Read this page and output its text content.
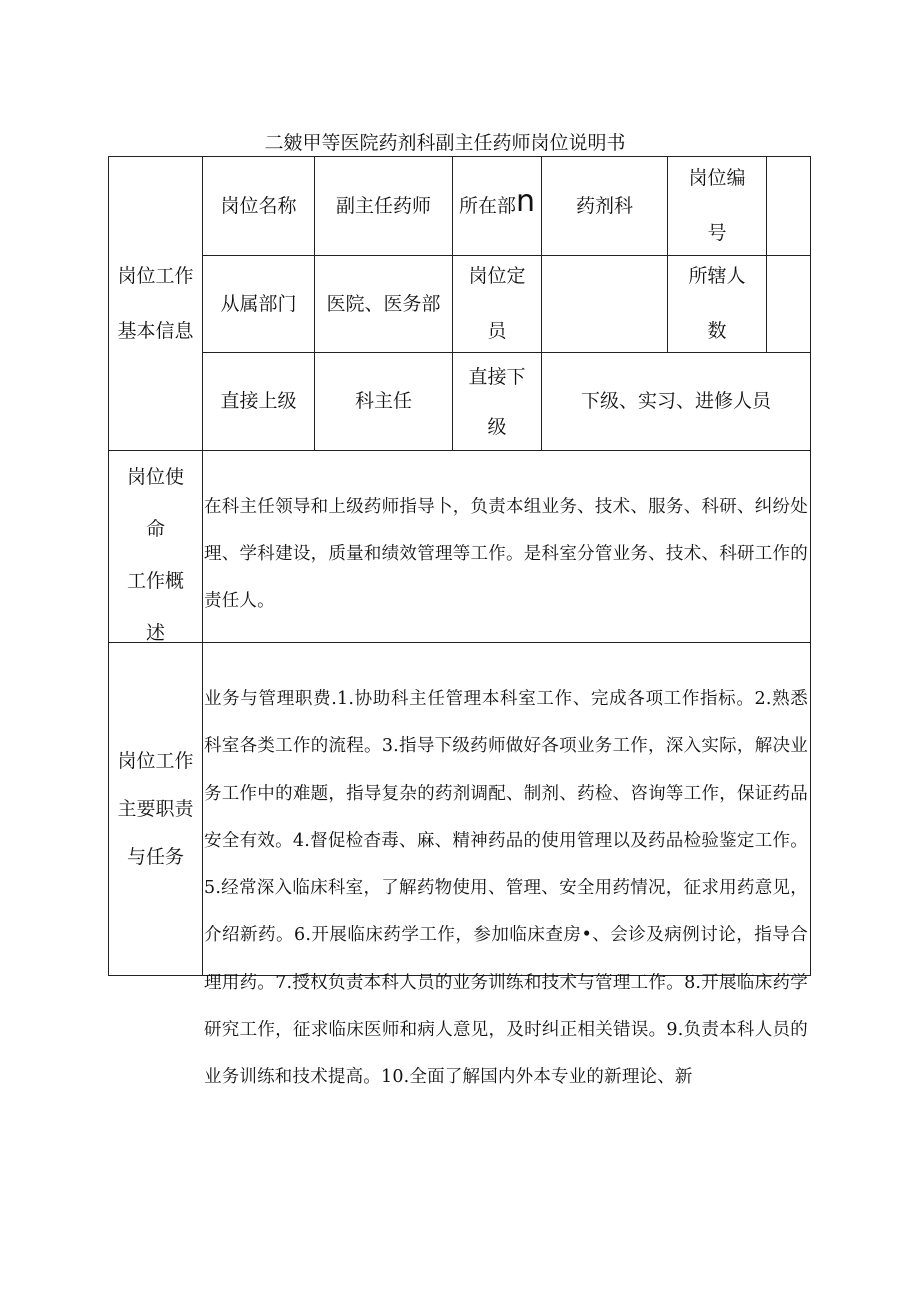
二皴甲等医院药剂科副主任药师岗位说明书
岗位工作
基本信息
岗位名称 副主任药师 所在部 n 药剂科
岗位编
号
从属部门 医院、医务部
岗位定
员
所辖人
数
直接上级	科主任
直接下
级
下级、实习、进修人员
岗位使
命
工作概
述
在科主任领导和上级药师指导卜，负责本组业务、技术、服务、科研、纠纷处理、学科建设，质量和绩效管理等工作。是科室分管业务、技术、科研工作的责任人。
岗位工作
主要职责
与任务
业务与管理职费.1.协助科主任管理本科室工作、完成各项工作指标。2.熟悉科室各类工作的流程。3.指导下级药师做好各项业务工作，深入实际，解决业务工作中的难题，指导复杂的药剂调配、制剂、药检、咨询等工作，保证药品安全有效。4.督促检杳毒、麻、精神药品的使用管理以及药品检验鉴定工作。5.经常深入临床科室，了解药物使用、管理、安全用药情况，征求用药意见，介绍新药。6.开展临床药学工作，参加临床查房•、会诊及病例讨论，指导合理用药。7.授权负责本科人员的业务训练和技术与管理工作。8.开展临床药学研究工作，征求临床医师和病人意见，及时纠正相关错误。9.负责本科人员的业务训练和技术提高。10.全面了解国内外本专业的新理论、新
